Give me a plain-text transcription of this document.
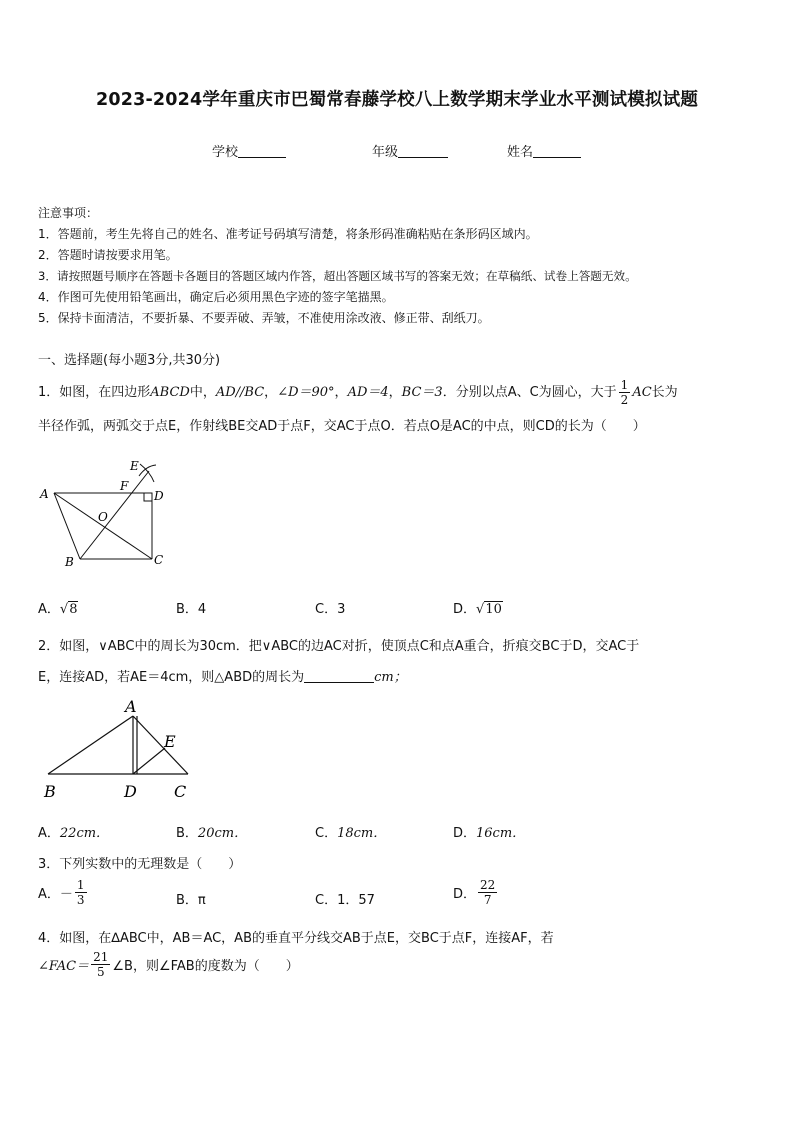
2023-2024学年重庆市巴蜀常春藤学校八上数学期末学业水平测试模拟试题
学校	年级	姓名
注意事项：
1．答题前，考生先将自己的姓名、准考证号码填写清楚，将条形码准确粘贴在条形码区域内。
2．答题时请按要求用笔。
3．请按照题号顺序在答题卡各题目的答题区域内作答，超出答题区域书写的答案无效；在草稿纸、试卷上答题无效。
4．作图可先使用铅笔画出，确定后必须用黑色字迹的签字笔描黑。
5．保持卡面清洁，不要折暴、不要弄破、弄皱，不准使用涂改液、修正带、刮纸刀。
一、选择题(每小题3分,共30分)
1．如图，在四边形ABCD中，AD//BC，∠D＝90°，AD＝4，BC＝3．分别以点A、C为圆心，大于 $\frac{1}{2}$ AC长为
半径作弧，两弧交于点E，作射线BE交AD于点F，交AC于点O．若点O是AC的中点，则CD的长为（　　）
A
B	C
D
E
F
O
A．√8	B．4	C．3	D．√10
2．如图，∨ABC中的周长为30cm．把∨ABC的边AC对折，使顶点C和点A重合，折痕交BC于D，交AC于
E，连接AD，若AE＝4cm，则△ABD的周长为	cm；
A
B	D C
E
A．22cm．	B．20cm．	C．18cm．	D．16cm．
3．下列实数中的无理数是（　　）
A．－ $\frac{1}{3}$	B．π	C．1．57	D． $\frac{22}{7}$
4．如图，在∆ABC中，AB＝AC，AB的垂直平分线交AB于点E，交BC于点F，连接AF，若
∠FAC＝ $\frac{21}{5}$ ∠B，则∠FAB的度数为（　　）
